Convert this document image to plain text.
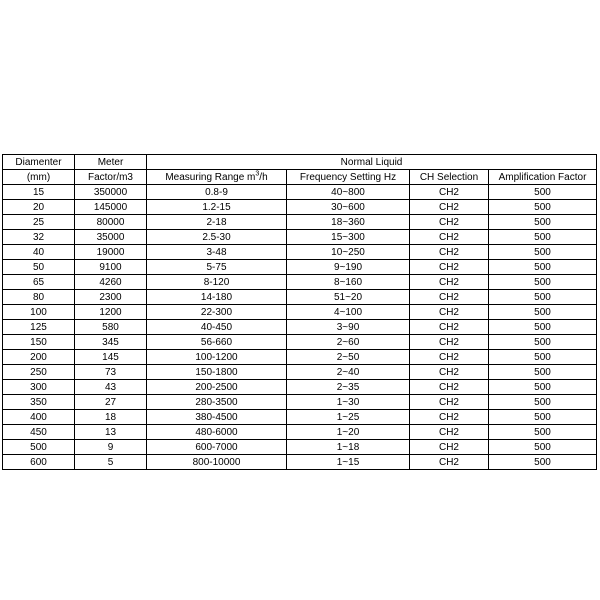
Diamenter	Meter	Normal Liquid			
(mm)	Factor/m3	Measuring Range $m^3/h$	Frequency Setting Hz	CH Selection	Amplification Factor
15	350000	0.8-9	40~800	CH2	500
20	145000	1.2-15	30~600	CH2	500
25	80000	2-18	18~360	CH2	500
32	35000	2.5-30	15~300	CH2	500
40	19000	3-48	10~250	CH2	500
50	9100	5-75	9~190	CH2	500
65	4260	8-120	8~160	CH2	500
80	2300	14-180	51~20	CH2	500
100	1200	22-300	4~100	CH2	500
125	580	40-450	3~90	CH2	500
150	345	56-660	2~60	CH2	500
200	145	100-1200	2~50	CH2	500
250	73	150-1800	2~40	CH2	500
300	43	200-2500	2~35	CH2	500
350	27	280-3500	1~30	CH2	500
400	18	380-4500	1~25	CH2	500
450	13	480-6000	1~20	CH2	500
500	9	600-7000	1~18	CH2	500
600	5	800-10000	1~15	CH2	500
